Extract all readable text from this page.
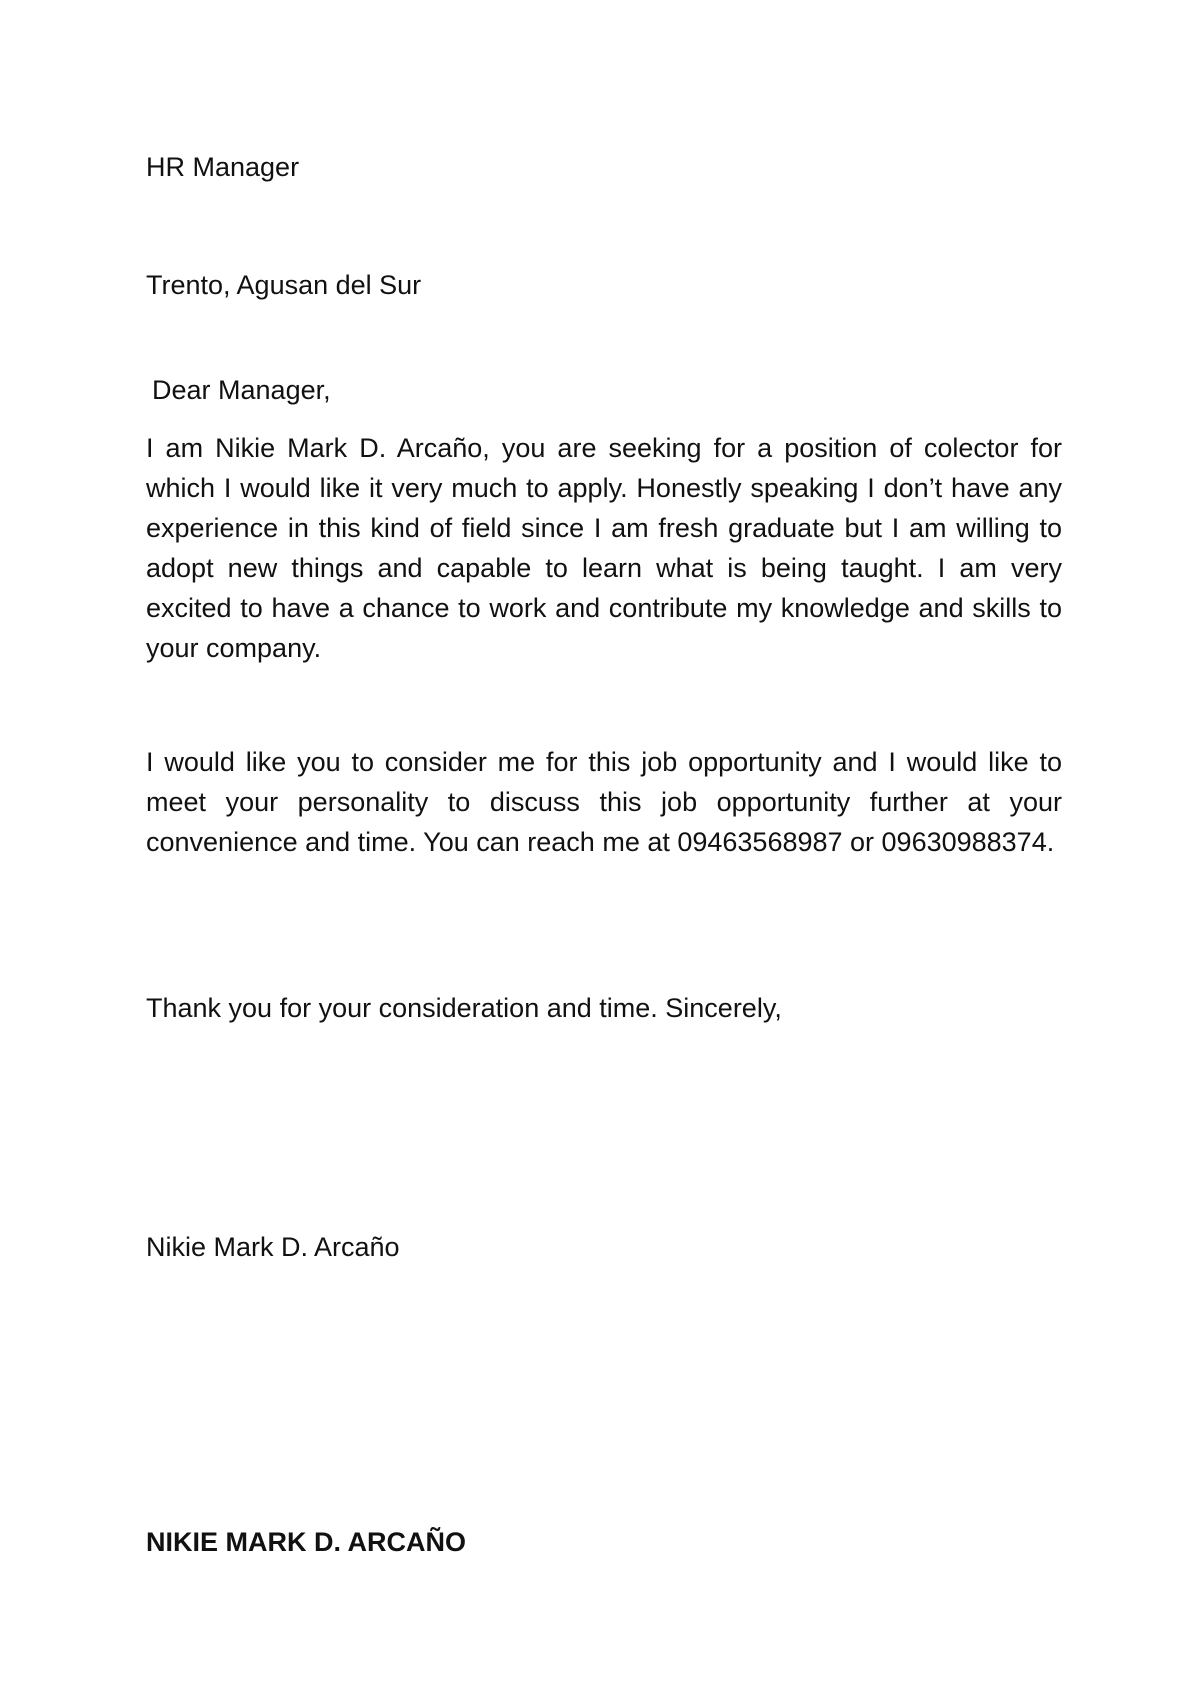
HR Manager

Trento, Agusan del Sur

Dear Manager,

I am Nikie Mark D. Arcaño, you are seeking for a position of colector for which I would like it very much to apply. Honestly speaking I don’t have any experience in this kind of field since I am fresh graduate but I am willing to adopt new things and capable to learn what is being taught. I am very excited to have a chance to work and contribute my knowledge and skills to your company.

I would like you to consider me for this job opportunity and I would like to meet your personality to discuss this job opportunity further at your convenience and time. You can reach me at 09463568987 or 09630988374.

Thank you for your consideration and time. Sincerely,

Nikie Mark D. Arcaño

NIKIE MARK D. ARCAÑO
